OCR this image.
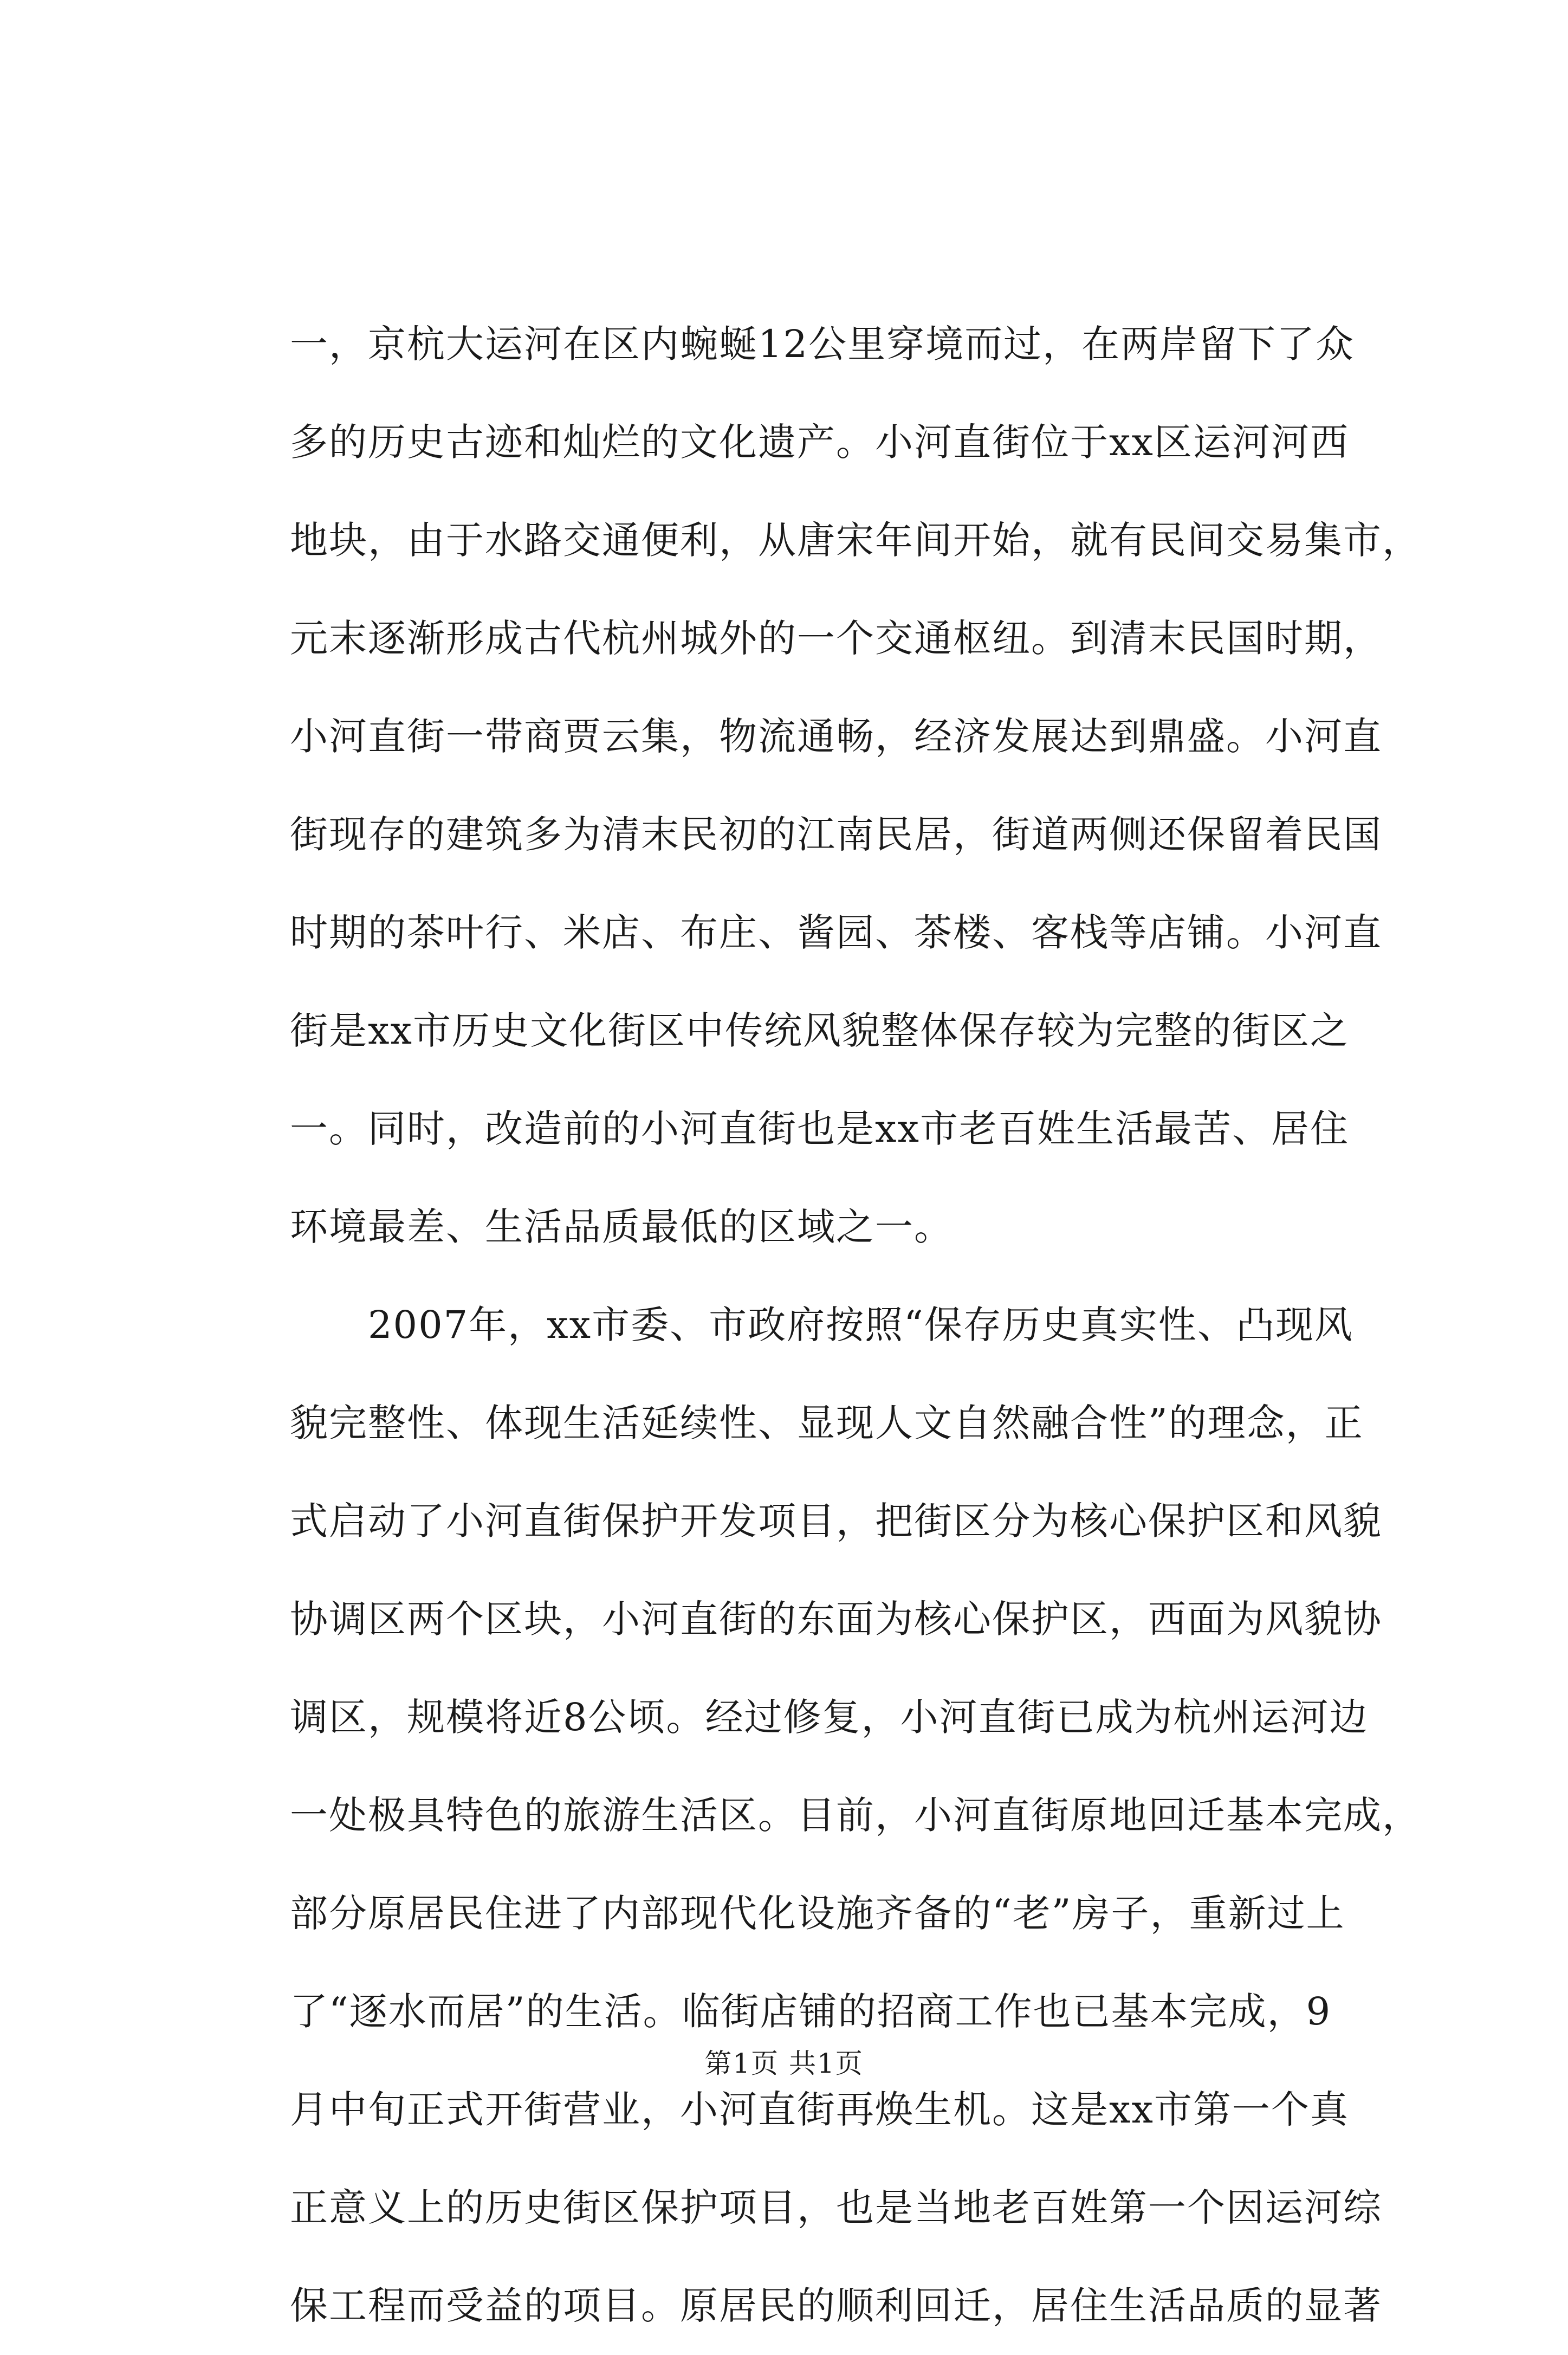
一，京杭大运河在区内蜿蜒12公里穿境而过，在两岸留下了众
多的历史古迹和灿烂的文化遗产。小河直街位于xx区运河河西
地块，由于水路交通便利，从唐宋年间开始，就有民间交易集市，
元末逐渐形成古代杭州城外的一个交通枢纽。到清末民国时期，
小河直街一带商贾云集，物流通畅，经济发展达到鼎盛。小河直
街现存的建筑多为清末民初的江南民居，街道两侧还保留着民国
时期的茶叶行、米店、布庄、酱园、茶楼、客栈等店铺。小河直
街是xx市历史文化街区中传统风貌整体保存较为完整的街区之
一。同时，改造前的小河直街也是xx市老百姓生活最苦、居住
环境最差、生活品质最低的区域之一。
　　2007年，xx市委、市政府按照“保存历史真实性、凸现风
貌完整性、体现生活延续性、显现人文自然融合性”的理念，正
式启动了小河直街保护开发项目，把街区分为核心保护区和风貌
协调区两个区块，小河直街的东面为核心保护区，西面为风貌协
调区，规模将近8公顷。经过修复，小河直街已成为杭州运河边
一处极具特色的旅游生活区。目前，小河直街原地回迁基本完成，
部分原居民住进了内部现代化设施齐备的“老”房子，重新过上
了“逐水而居”的生活。临街店铺的招商工作也已基本完成，9
月中旬正式开街营业，小河直街再焕生机。这是xx市第一个真
正意义上的历史街区保护项目，也是当地老百姓第一个因运河综
保工程而受益的项目。原居民的顺利回迁，居住生活品质的显著
第1页 共1页
